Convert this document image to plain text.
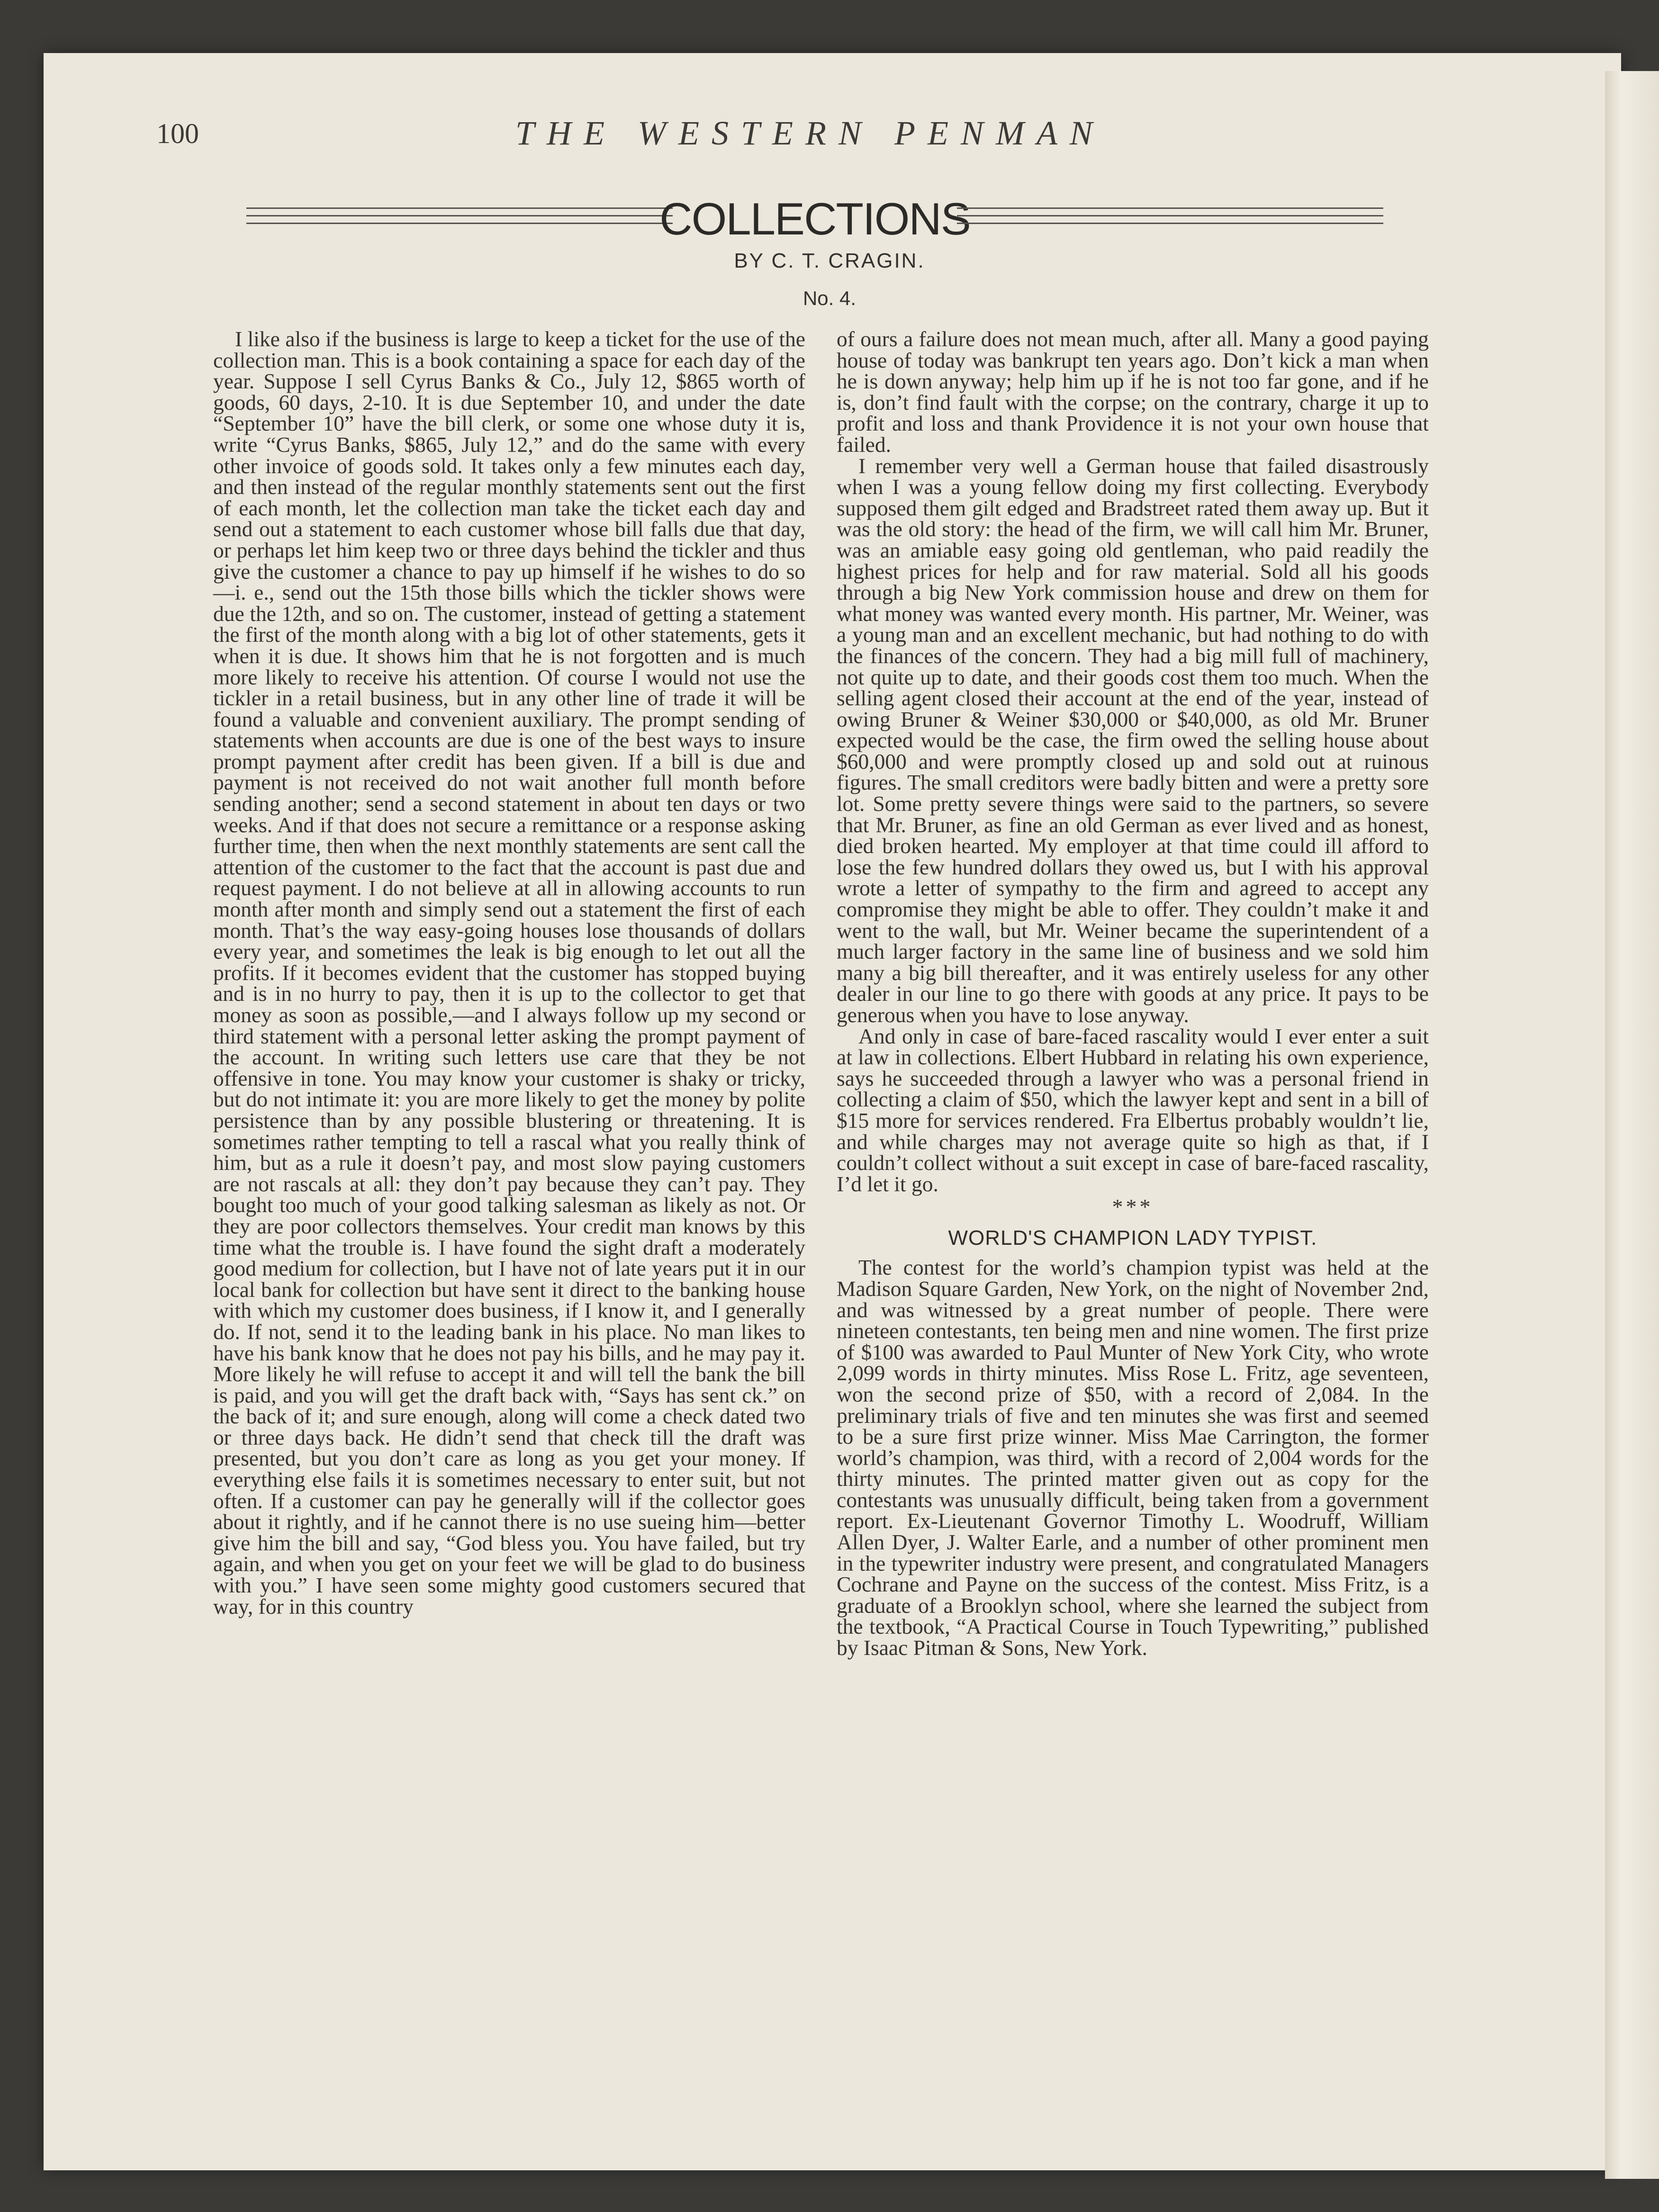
100	THE WESTERN PENMAN
COLLECTIONS
BY C. T. CRAGIN.
No. 4.

I like also if the business is large to keep a ticket for the use of the collection man. This is a book containing a space for each day of the year. Suppose I sell Cyrus Banks & Co., July 12, $865 worth of goods, 60 days, 2-10. It is due September 10, and under the date “September 10” have the bill clerk, or some one whose duty it is, write “Cyrus Banks, $865, July 12,” and do the same with every other invoice of goods sold. It takes only a few minutes each day, and then instead of the regular monthly statements sent out the first of each month, let the collection man take the ticket each day and send out a statement to each customer whose bill falls due that day, or perhaps let him keep two or three days behind the tickler and thus give the customer a chance to pay up himself if he wishes to do so—i. e., send out the 15th those bills which the tickler shows were due the 12th, and so on. The customer, instead of getting a statement the first of the month along with a big lot of other statements, gets it when it is due. It shows him that he is not forgotten and is much more likely to receive his attention. Of course I would not use the tickler in a retail business, but in any other line of trade it will be found a valuable and convenient auxiliary. The prompt sending of statements when accounts are due is one of the best ways to insure prompt payment after credit has been given. If a bill is due and payment is not received do not wait another full month before sending another; send a second statement in about ten days or two weeks. And if that does not secure a remittance or a response asking further time, then when the next monthly statements are sent call the attention of the customer to the fact that the account is past due and request payment. I do not believe at all in allowing accounts to run month after month and simply send out a statement the first of each month. That’s the way easy-going houses lose thousands of dollars every year, and sometimes the leak is big enough to let out all the profits. If it becomes evident that the customer has stopped buying and is in no hurry to pay, then it is up to the collector to get that money as soon as possible,—and I always follow up my second or third statement with a personal letter asking the prompt payment of the account. In writing such letters use care that they be not offensive in tone. You may know your customer is shaky or tricky, but do not intimate it: you are more likely to get the money by polite persistence than by any possible blustering or threatening. It is sometimes rather tempting to tell a rascal what you really think of him, but as a rule it doesn’t pay, and most slow paying customers are not rascals at all: they don’t pay because they can’t pay. They bought too much of your good talking salesman as likely as not. Or they are poor collectors themselves. Your credit man knows by this time what the trouble is. I have found the sight draft a moderately good medium for collection, but I have not of late years put it in our local bank for collection but have sent it direct to the banking house with which my customer does business, if I know it, and I generally do. If not, send it to the leading bank in his place. No man likes to have his bank know that he does not pay his bills, and he may pay it. More likely he will refuse to accept it and will tell the bank the bill is paid, and you will get the draft back with, “Says has sent ck.” on the back of it; and sure enough, along will come a check dated two or three days back. He didn’t send that check till the draft was presented, but you don’t care as long as you get your money. If everything else fails it is sometimes necessary to enter suit, but not often. If a customer can pay he generally will if the collector goes about it rightly, and if he cannot there is no use sueing him—better give him the bill and say, “God bless you. You have failed, but try again, and when you get on your feet we will be glad to do business with you.” I have seen some mighty good customers secured that way, for in this country

of ours a failure does not mean much, after all. Many a good paying house of today was bankrupt ten years ago. Don’t kick a man when he is down anyway; help him up if he is not too far gone, and if he is, don’t find fault with the corpse; on the contrary, charge it up to profit and loss and thank Providence it is not your own house that failed.

I remember very well a German house that failed disastrously when I was a young fellow doing my first collecting. Everybody supposed them gilt edged and Bradstreet rated them away up. But it was the old story: the head of the firm, we will call him Mr. Bruner, was an amiable easy going old gentleman, who paid readily the highest prices for help and for raw material. Sold all his goods through a big New York commission house and drew on them for what money was wanted every month. His partner, Mr. Weiner, was a young man and an excellent mechanic, but had nothing to do with the finances of the concern. They had a big mill full of machinery, not quite up to date, and their goods cost them too much. When the selling agent closed their account at the end of the year, instead of owing Bruner & Weiner $30,000 or $40,000, as old Mr. Bruner expected would be the case, the firm owed the selling house about $60,000 and were promptly closed up and sold out at ruinous figures. The small creditors were badly bitten and were a pretty sore lot. Some pretty severe things were said to the partners, so severe that Mr. Bruner, as fine an old German as ever lived and as honest, died broken hearted. My employer at that time could ill afford to lose the few hundred dollars they owed us, but I with his approval wrote a letter of sympathy to the firm and agreed to accept any compromise they might be able to offer. They couldn’t make it and went to the wall, but Mr. Weiner became the superintendent of a much larger factory in the same line of business and we sold him many a big bill thereafter, and it was entirely useless for any other dealer in our line to go there with goods at any price. It pays to be generous when you have to lose anyway.

And only in case of bare-faced rascality would I ever enter a suit at law in collections. Elbert Hubbard in relating his own experience, says he succeeded through a lawyer who was a personal friend in collecting a claim of $50, which the lawyer kept and sent in a bill of $15 more for services rendered. Fra Elbertus probably wouldn’t lie, and while charges may not average quite so high as that, if I couldn’t collect without a suit except in case of bare-faced rascality, I’d let it go.

***
WORLD'S CHAMPION LADY TYPIST.

The contest for the world’s champion typist was held at the Madison Square Garden, New York, on the night of November 2nd, and was witnessed by a great number of people. There were nineteen contestants, ten being men and nine women. The first prize of $100 was awarded to Paul Munter of New York City, who wrote 2,099 words in thirty minutes. Miss Rose L. Fritz, age seventeen, won the second prize of $50, with a record of 2,084. In the preliminary trials of five and ten minutes she was first and seemed to be a sure first prize winner. Miss Mae Carrington, the former world’s champion, was third, with a record of 2,004 words for the thirty minutes. The printed matter given out as copy for the contestants was unusually difficult, being taken from a government report. Ex-Lieutenant Governor Timothy L. Woodruff, William Allen Dyer, J. Walter Earle, and a number of other prominent men in the typewriter industry were present, and congratulated Managers Cochrane and Payne on the success of the contest. Miss Fritz, is a graduate of a Brooklyn school, where she learned the subject from the textbook, “A Practical Course in Touch Typewriting,” published by Isaac Pitman & Sons, New York.
